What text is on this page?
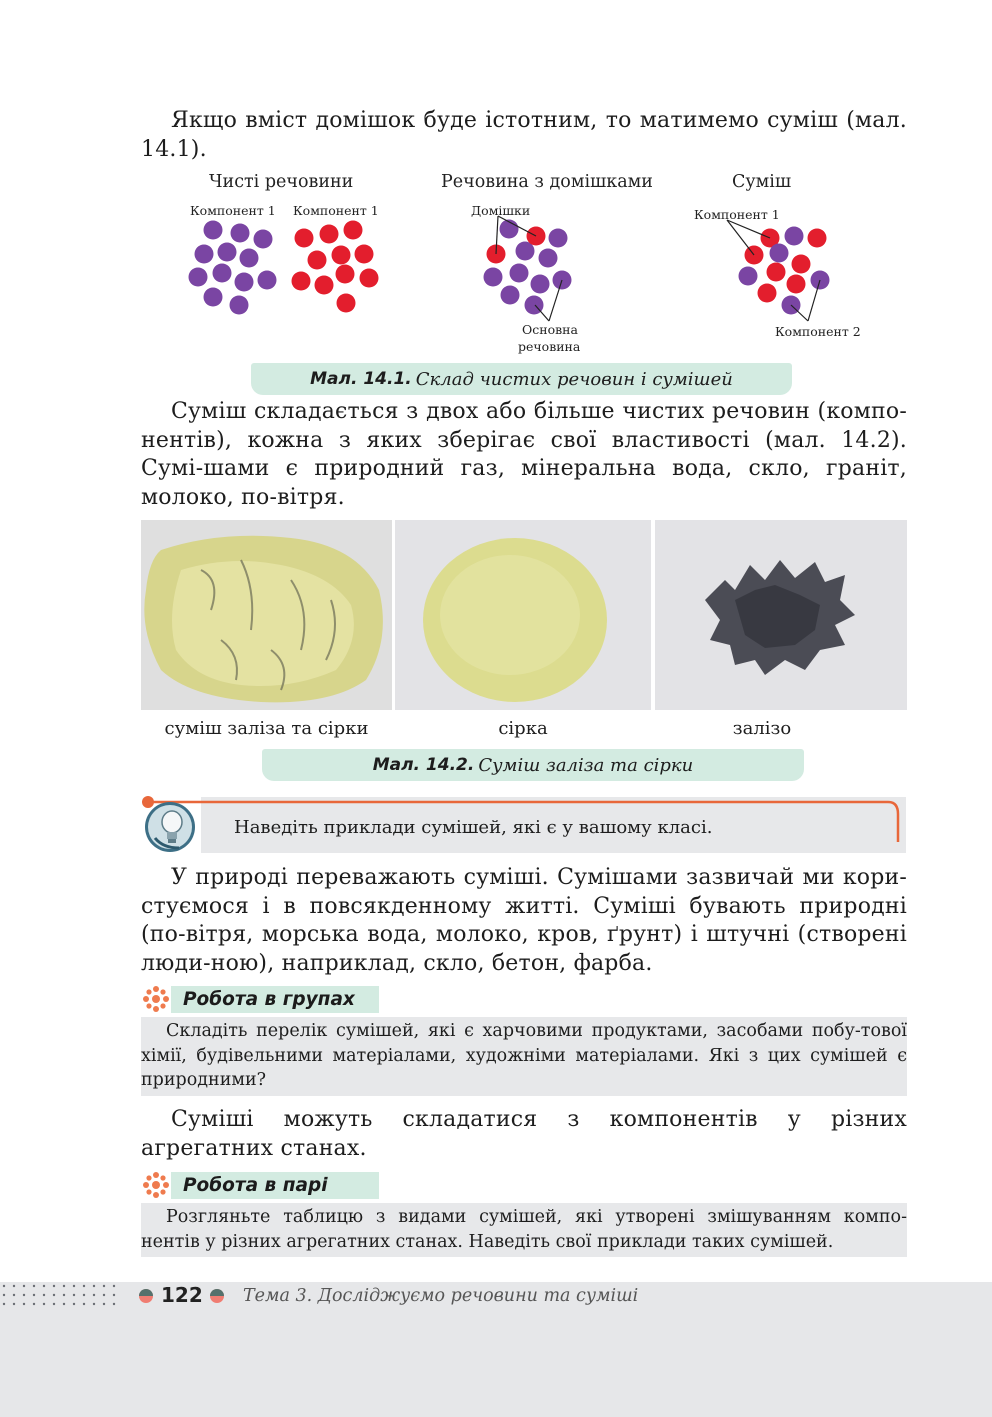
Якщо вміст домішок буде істотним, то матимемо суміш (мал. 14.1).
Чисті речовини	Речовина з домішками	Суміш
Компонент 1 Компонент 1	Домішки
Основна
речовина
Компонент 1
Компонент 2
Мал. 14.1. Склад чистих речовин і сумішей
Суміш складається з двох або більше чистих речовин (компо-нентів), кожна з яких зберігає свої властивості (мал. 14.2). Сумі-шами є природний газ, мінеральна вода, скло, граніт, молоко, по-вітря.
суміш заліза та сірки	сірка	залізо
Мал. 14.2. Суміш заліза та сірки
Наведіть приклади сумішей, які є у вашому класі.
У природі переважають суміші. Сумішами зазвичай ми кори-стуємося і в повсякденному житті. Суміші бувають природні (по-вітря, морська вода, молоко, кров, ґрунт) і штучні (створені люди-ною), наприклад, скло, бетон, фарба.
Робота в групах
Складіть перелік сумішей, які є харчовими продуктами, засобами побу-тової хімії, будівельними матеріалами, художніми матеріалами. Які з цих сумішей є природними?
Суміші можуть складатися з компонентів у різних агрегатних станах.
Робота в парі
Розгляньте таблицю з видами сумішей, які утворені змішуванням компо-нентів у різних агрегатних станах. Наведіть свої приклади таких сумішей.
122 Тема 3. Досліджуємо речовини та суміші
